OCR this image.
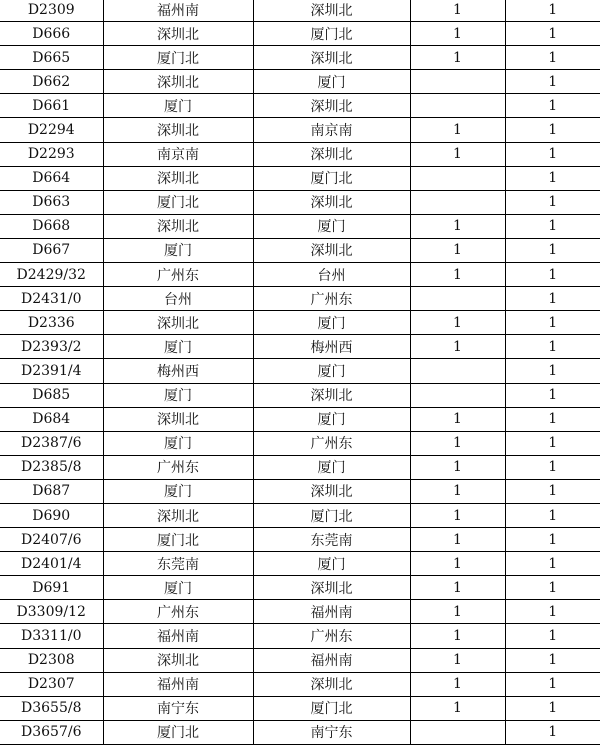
D2309	福州南	深圳北	1	1
D666	深圳北	厦门北	1	1
D665	厦门北	深圳北	1	1
D662	深圳北	厦门		1
D661	厦门	深圳北		1
D2294	深圳北	南京南	1	1
D2293	南京南	深圳北	1	1
D664	深圳北	厦门北		1
D663	厦门北	深圳北		1
D668	深圳北	厦门	1	1
D667	厦门	深圳北	1	1
D2429/32	广州东	台州	1	1
D2431/0	台州	广州东		1
D2336	深圳北	厦门	1	1
D2393/2	厦门	梅州西	1	1
D2391/4	梅州西	厦门		1
D685	厦门	深圳北		1
D684	深圳北	厦门	1	1
D2387/6	厦门	广州东	1	1
D2385/8	广州东	厦门	1	1
D687	厦门	深圳北	1	1
D690	深圳北	厦门北	1	1
D2407/6	厦门北	东莞南	1	1
D2401/4	东莞南	厦门	1	1
D691	厦门	深圳北	1	1
D3309/12	广州东	福州南	1	1
D3311/0	福州南	广州东	1	1
D2308	深圳北	福州南	1	1
D2307	福州南	深圳北	1	1
D3655/8	南宁东	厦门北	1	1
D3657/6	厦门北	南宁东		1
